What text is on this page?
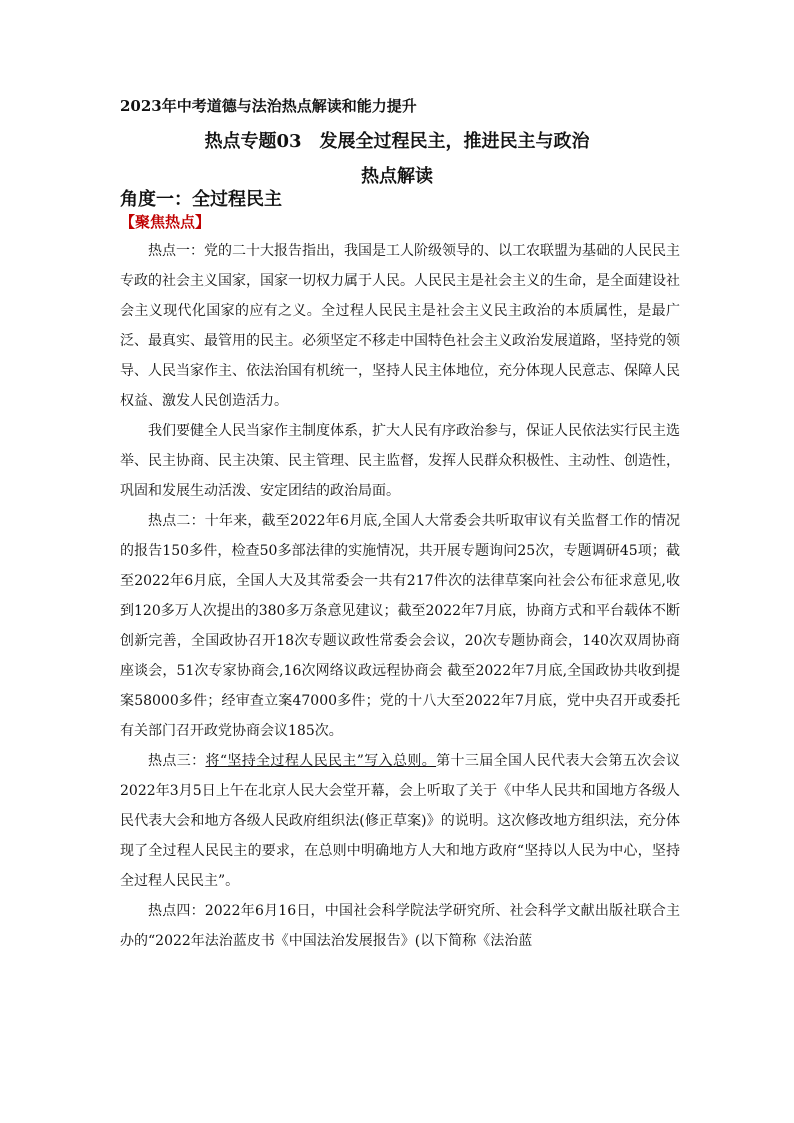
2023年中考道德与法治热点解读和能力提升
热点专题03　发展全过程民主，推进民主与政治
热点解读
角度一：全过程民主
【聚焦热点】

热点一：党的二十大报告指出，我国是工人阶级领导的、以工农联盟为基础的人民民主专政的社会主义国家，国家一切权力属于人民。人民民主是社会主义的生命，是全面建设社会主义现代化国家的应有之义。全过程人民民主是社会主义民主政治的本质属性，是最广泛、最真实、最管用的民主。必须坚定不移走中国特色社会主义政治发展道路，坚持党的领导、人民当家作主、依法治国有机统一，坚持人民主体地位，充分体现人民意志、保障人民权益、激发人民创造活力。

我们要健全人民当家作主制度体系，扩大人民有序政治参与，保证人民依法实行民主选举、民主协商、民主决策、民主管理、民主监督，发挥人民群众积极性、主动性、创造性，巩固和发展生动活泼、安定团结的政治局面。

热点二：十年来，截至2022年6月底,全国人大常委会共听取审议有关监督工作的情况的报告150多件，检查50多部法律的实施情况，共开展专题询问25次，专题调研45项；截至2022年6月底，全国人大及其常委会一共有217件次的法律草案向社会公布征求意见,收到120多万人次提出的380多万条意见建议；截至2022年7月底，协商方式和平台载体不断创新完善，全国政协召开18次专题议政性常委会会议，20次专题协商会，140次双周协商座谈会，51次专家协商会,16次网络议政远程协商会 截至2022年7月底,全国政协共收到提案58000多件；经审查立案47000多件；党的十八大至2022年7月底，党中央召开或委托有关部门召开政党协商会议185次。

热点三：将“坚持全过程人民民主”写入总则。第十三届全国人民代表大会第五次会议2022年3月5日上午在北京人民大会堂开幕，会上听取了关于《中华人民共和国地方各级人民代表大会和地方各级人民政府组织法(修正草案)》的说明。这次修改地方组织法，充分体现了全过程人民民主的要求，在总则中明确地方人大和地方政府“坚持以人民为中心，坚持全过程人民民主”。

热点四：2022年6月16日，中国社会科学院法学研究所、社会科学文献出版社联合主办的“2022年法治蓝皮书《中国法治发展报告》(以下简称《法治蓝
